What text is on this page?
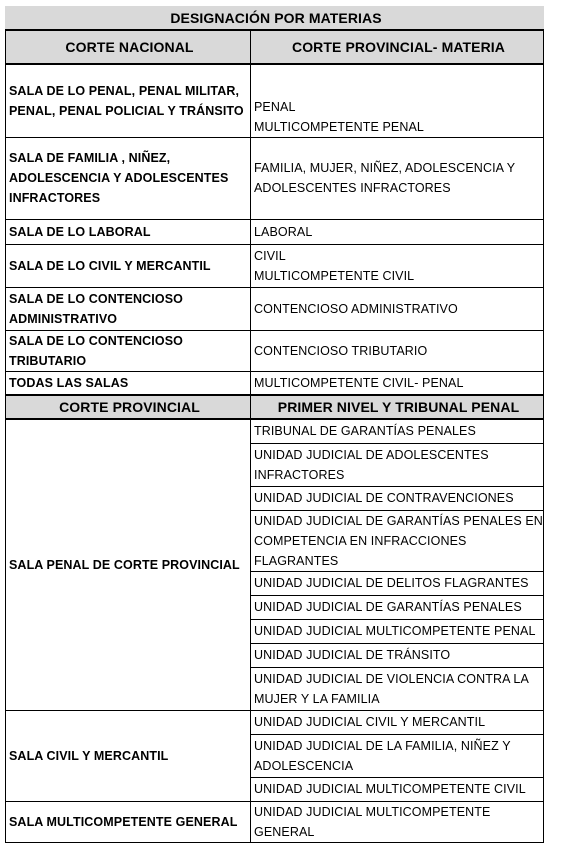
DESIGNACIÓN POR MATERIAS	
CORTE NACIONAL	CORTE PROVINCIAL- MATERIA

SALA DE LO PENAL, PENAL MILITAR,
PENAL, PENAL POLICIAL Y TRÁNSITO	PENAL
MULTICOMPETENTE PENAL

SALA DE FAMILIA , NIÑEZ,
ADOLESCENCIA Y ADOLESCENTES
INFRACTORES	FAMILIA, MUJER, NIÑEZ, ADOLESCENCIA Y
ADOLESCENTES INFRACTORES

SALA DE LO LABORAL	LABORAL
SALA DE LO CIVIL Y MERCANTIL	CIVIL
MULTICOMPETENTE CIVIL

SALA DE LO CONTENCIOSO
ADMINISTRATIVO	CONTENCIOSO ADMINISTRATIVO
SALA DE LO CONTENCIOSO TRIBUTARIO	CONTENCIOSO TRIBUTARIO
TODAS LAS SALAS	MULTICOMPETENTE CIVIL- PENAL
CORTE PROVINCIAL	PRIMER NIVEL Y TRIBUNAL PENAL
SALA PENAL DE CORTE PROVINCIAL	TRIBUNAL DE GARANTÍAS PENALES

	UNIDAD JUDICIAL DE ADOLESCENTES
INFRACTORES

	UNIDAD JUDICIAL DE CONTRAVENCIONES

	UNIDAD JUDICIAL DE GARANTÍAS PENALES EN
COMPETENCIA EN INFRACCIONES FLAGRANTES

	UNIDAD JUDICIAL DE DELITOS FLAGRANTES
	UNIDAD JUDICIAL DE GARANTÍAS PENALES
	UNIDAD JUDICIAL MULTICOMPETENTE PENAL
	UNIDAD JUDICIAL DE TRÁNSITO

	UNIDAD JUDICIAL DE VIOLENCIA CONTRA LA
MUJER Y LA FAMILIA

SALA CIVIL Y MERCANTIL	UNIDAD JUDICIAL CIVIL Y MERCANTIL

	UNIDAD JUDICIAL DE LA FAMILIA, NIÑEZ Y
ADOLESCENCIA

	UNIDAD JUDICIAL MULTICOMPETENTE CIVIL
SALA MULTICOMPETENTE GENERAL	UNIDAD JUDICIAL MULTICOMPETENTE GENERAL
